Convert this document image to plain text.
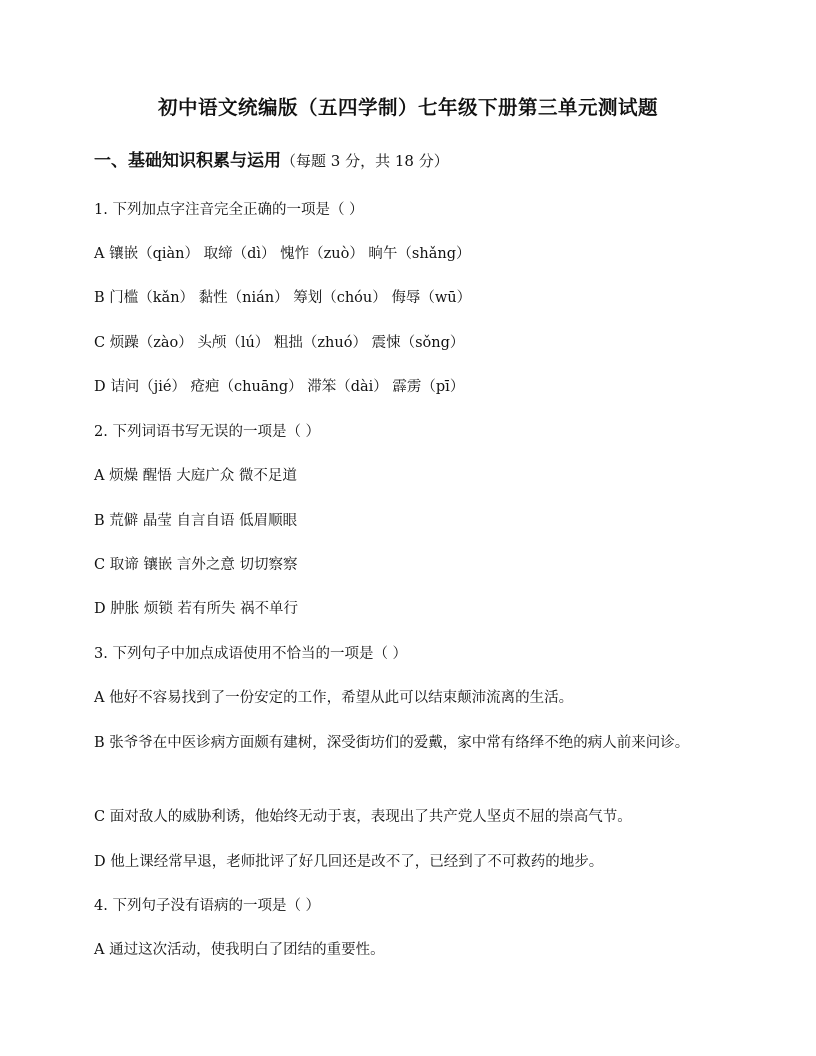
初中语文统编版（五四学制）七年级下册第三单元测试题
一、基础知识积累与运用（每题 3 分，共 18 分）

1. 下列加点字注音完全正确的一项是（ ）

A 镶嵌（qiàn） 取缔（dì） 愧怍（zuò） 晌午（shǎng）

B 门槛（kǎn） 黏性（nián） 筹划（chóu） 侮辱（wū）

C 烦躁（zào） 头颅（lú） 粗拙（zhuó） 震悚（sǒng）

D 诘问（jié） 疮疤（chuāng） 滞笨（dài） 霹雳（pī）

2. 下列词语书写无误的一项是（ ）

A 烦燥 醒悟 大庭广众 微不足道

B 荒僻 晶莹 自言自语 低眉顺眼

C 取谛 镶嵌 言外之意 切切察察

D 肿胀 烦锁 若有所失 祸不单行

3. 下列句子中加点成语使用不恰当的一项是（ ）

A 他好不容易找到了一份安定的工作，希望从此可以结束颠沛流离的生活。

B 张爷爷在中医诊病方面颇有建树，深受街坊们的爱戴，家中常有络绎不绝的病人前来问诊。

C 面对敌人的威胁利诱，他始终无动于衷，表现出了共产党人坚贞不屈的崇高气节。

D 他上课经常早退，老师批评了好几回还是改不了，已经到了不可救药的地步。

4. 下列句子没有语病的一项是（ ）

A 通过这次活动，使我明白了团结的重要性。
